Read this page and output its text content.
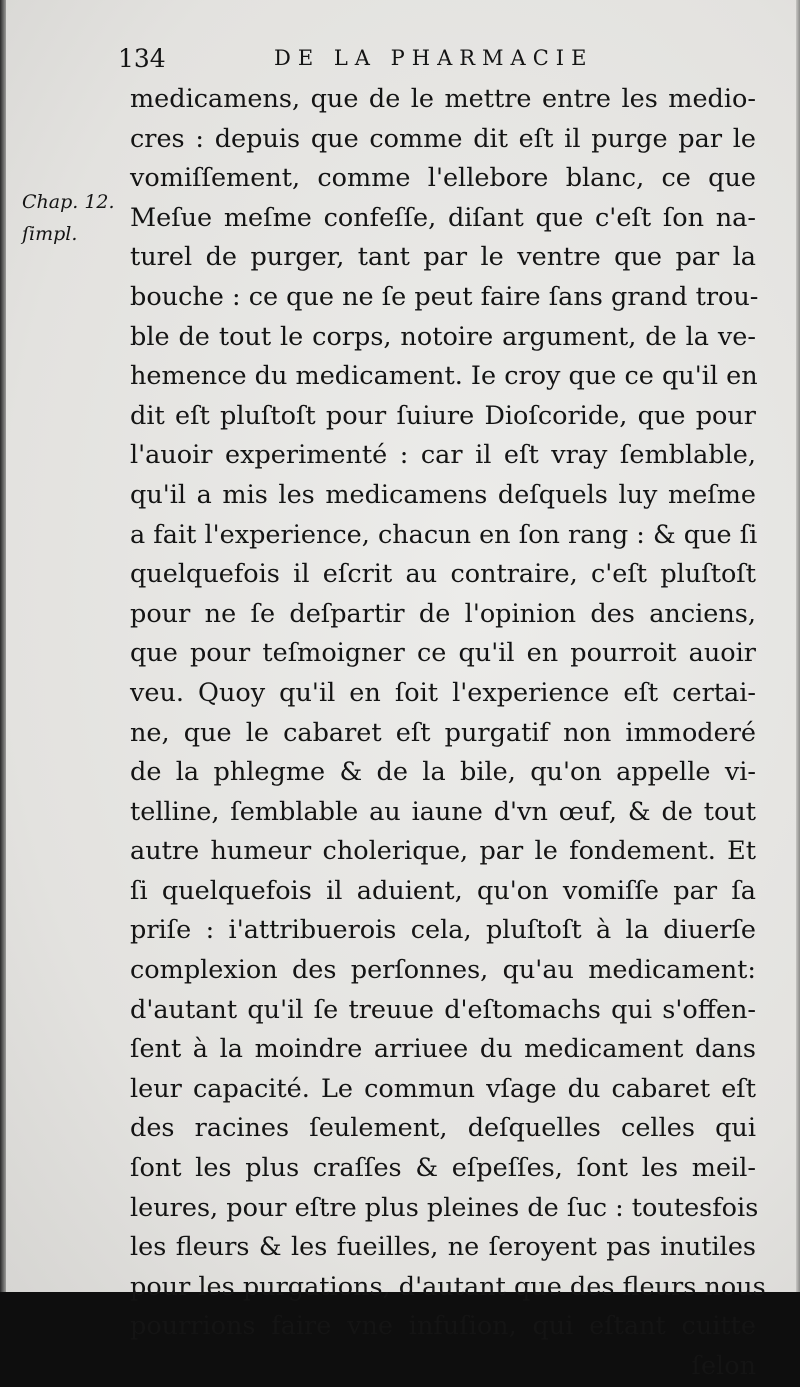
134	DE LA PHARMACIE
Chap. 12.
ſimpl.
medicamens, que de le mettre entre les medio-
cres : depuis que comme dit eſt il purge par le
vomiſſement, comme l'ellebore blanc, ce que
Meſue meſme confeſſe, diſant que c'eſt ſon na-
turel de purger, tant par le ventre que par la
bouche : ce que ne ſe peut faire ſans grand trou-
ble de tout le corps, notoire argument, de la ve-
hemence du medicament. Ie croy que ce qu'il en
dit eſt pluſtoſt pour ſuiure Dioſcoride, que pour
l'auoir experimenté : car il eſt vray ſemblable,
qu'il a mis les medicamens deſquels luy meſme
a fait l'experience, chacun en ſon rang : & que ſi
quelquefois il eſcrit au contraire, c'eſt pluſtoſt
pour ne ſe deſpartir de l'opinion des anciens,
que pour teſmoigner ce qu'il en pourroit auoir
veu. Quoy qu'il en ſoit l'experience eſt certai-
ne, que le cabaret eſt purgatif non immoderé
de la phlegme & de la bile, qu'on appelle vi-
telline, ſemblable au iaune d'vn œuf, & de tout
autre humeur cholerique, par le fondement. Et
ſi quelquefois il aduient, qu'on vomiſſe par ſa
priſe : i'attribuerois cela, pluſtoſt à la diuerſe
complexion des perſonnes, qu'au medicament:
d'autant qu'il ſe treuue d'eſtomachs qui s'offen-
ſent à la moindre arriuee du medicament dans
leur capacité. Le commun vſage du cabaret eſt
des racines ſeulement, deſquelles celles qui
ſont les plus craſſes & eſpeſſes, ſont les meil-
leures, pour eſtre plus pleines de ſuc : toutesfois
les fleurs & les fueilles, ne ſeroyent pas inutiles
pour les purgations, d'autant que des fleurs nous
pourrions faire vne infuſion, qui eſtant cuitte
ſelon
